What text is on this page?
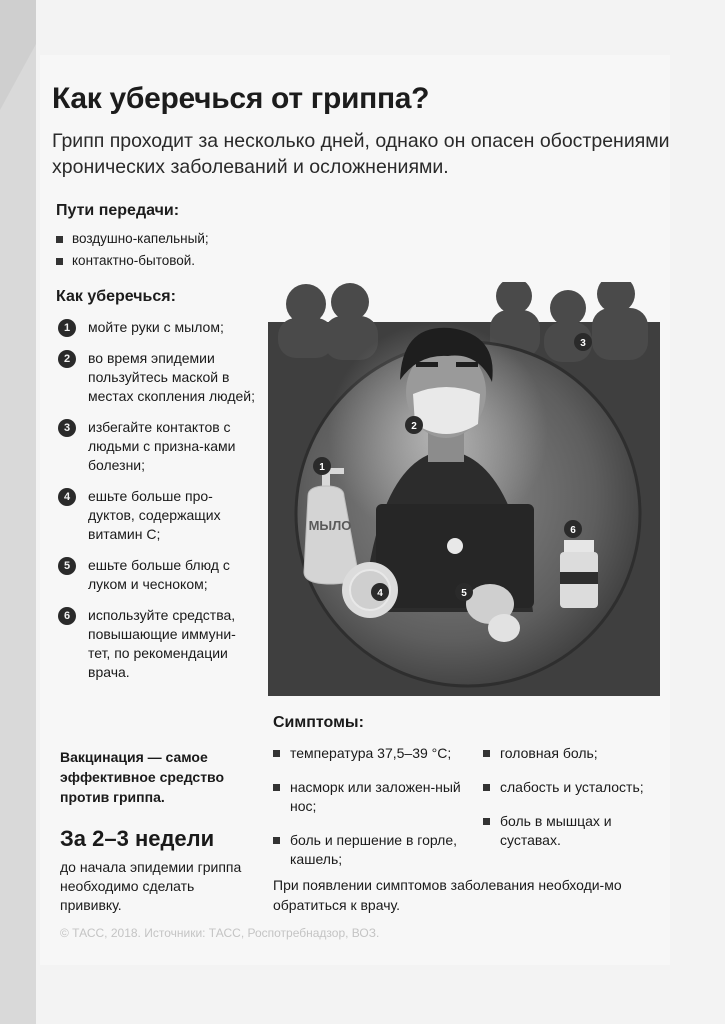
Как уберечься от гриппа?
Грипп проходит за несколько дней, однако он опасен обострениями хронических заболеваний и осложнениями.
Пути передачи:
воздушно-капельный;
контактно-бытовой.
Как уберечься:
1	мойте руки с мылом;
2	во время эпидемии пользуйтесь маской в местах скопления людей;
3	избегайте контактов с людьми с призна-ками болезни;
4	ешьте больше про-дуктов, содержащих витамин С;
5	ешьте больше блюд с луком и чесноком;
6	используйте средства, повышающие иммуни-тет, по рекомендации врача.
МЫЛО
1
2
3
4	5
6
Симптомы:
температура 37,5–39 °С;
насморк или заложен-ный нос;
боль и першение в горле, кашель;
головная боль;
слабость и усталость;
боль в мышцах и суставах.
Вакцинация — самое эффективное средство против гриппа.
За 2–3 недели
до начала эпидемии гриппа необходимо сделать прививку.
При появлении симптомов заболевания необходи-мо обратиться к врачу.
© ТАСС, 2018. Источники: ТАСС, Роспотребнадзор, ВОЗ.
